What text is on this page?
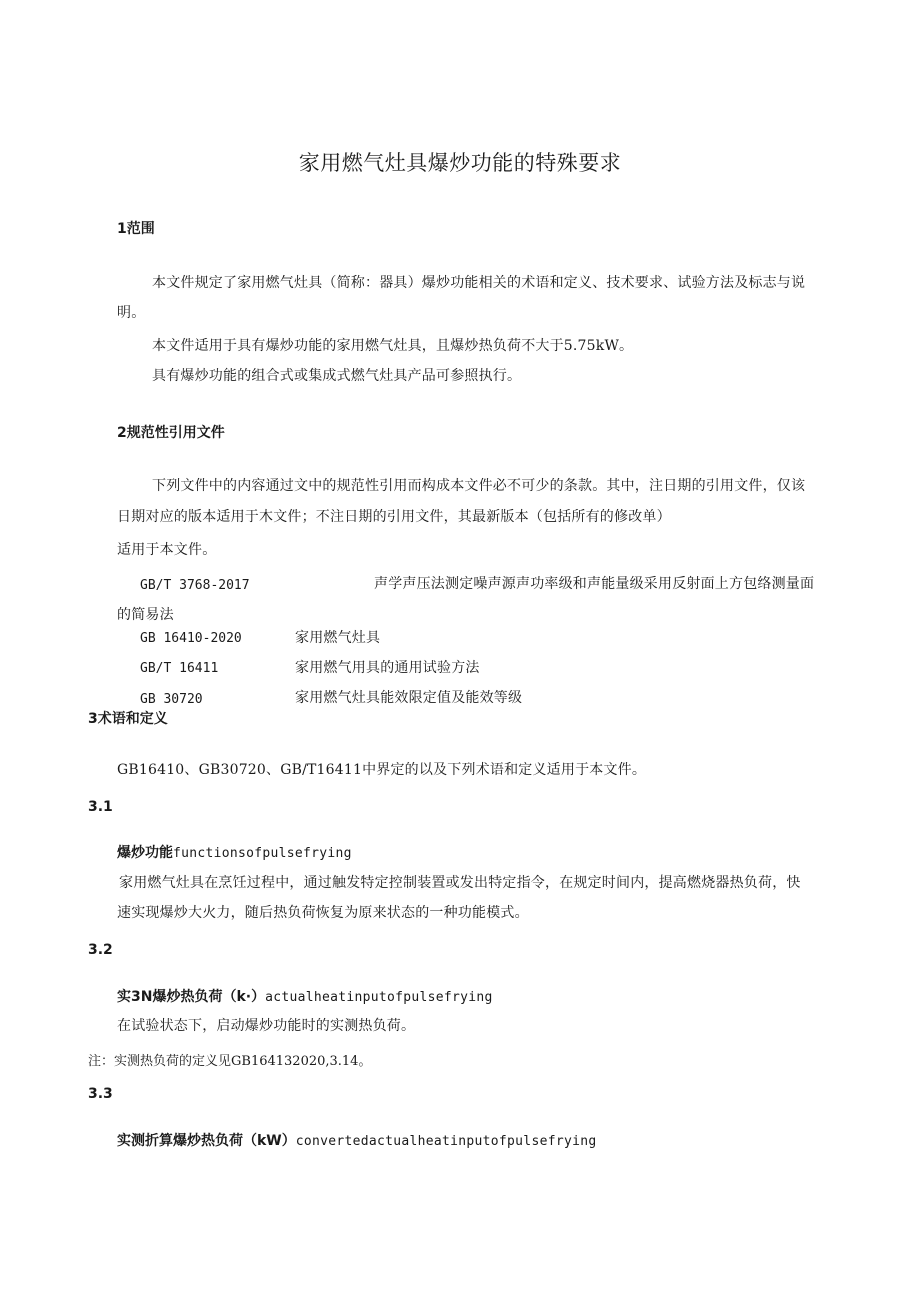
家用燃气灶具爆炒功能的特殊要求
1范围
本文件规定了家用燃气灶具（简称：器具）爆炒功能相关的术语和定义、技术要求、试验方法及标志与说
明。
本文件适用于具有爆炒功能的家用燃气灶具，且爆炒热负荷不大于5.75kW。
具有爆炒功能的组合式或集成式燃气灶具产品可参照执行。
2规范性引用文件
下列文件中的内容通过文中的规范性引用而构成本文件必不可少的条款。其中，注日期的引用文件，仅该
日期对应的版本适用于木文件；不注日期的引用文件，其最新版本（包括所有的修改单）
适用于本文件。
GB/T 3768-2017	声学声压法测定噪声源声功率级和声能量级采用反射面上方包络测量面
的简易法
GB 16410-2020	家用燃气灶具
GB/T 16411	家用燃气用具的通用试验方法
GB 30720	家用燃气灶具能效限定值及能效等级
3术语和定义
GB16410、GB30720、GB/T16411中界定的以及下列术语和定义适用于本文件。
3.1
爆炒功能functionsofpulsefrying
家用燃气灶具在烹饪过程中，通过触发特定控制装置或发出特定指令，在规定时间内，提高燃烧器热负荷，快
速实现爆炒大火力，随后热负荷恢复为原来状态的一种功能模式。
3.2
实3N爆炒热负荷（k·）actualheatinputofpulsefrying
在试验状态下，启动爆炒功能时的实测热负荷。
注：实测热负荷的定义见GB164132020,3.14。
3.3
实测折算爆炒热负荷（kW）convertedactualheatinputofpulsefrying
